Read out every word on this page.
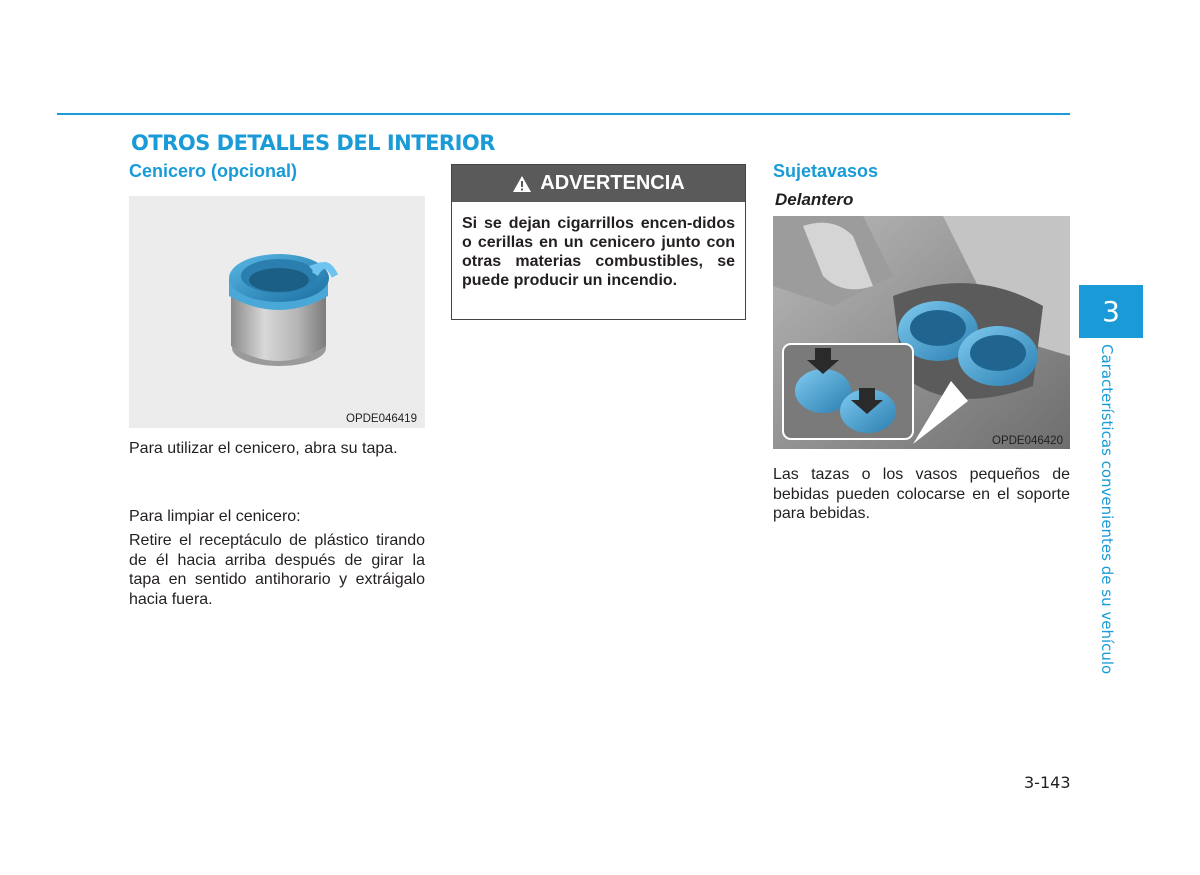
OTROS DETALLES DEL INTERIOR
Cenicero (opcional)
OPDE046419

Para utilizar el cenicero, abra su tapa.

Para limpiar el cenicero:

Retire el receptáculo de plástico tirando de él hacia arriba después de girar la tapa en sentido antihorario y extráigalo hacia fuera.

ADVERTENCIA

Si se dejan cigarrillos encen-didos o cerillas en un cenicero junto con otras materias combustibles, se puede producir un incendio.

Sujetavasos
Delantero
OPDE046420

Las tazas o los vasos pequeños de bebidas pueden colocarse en el soporte para bebidas.

3
Características convenientes de su vehículo
3-143
